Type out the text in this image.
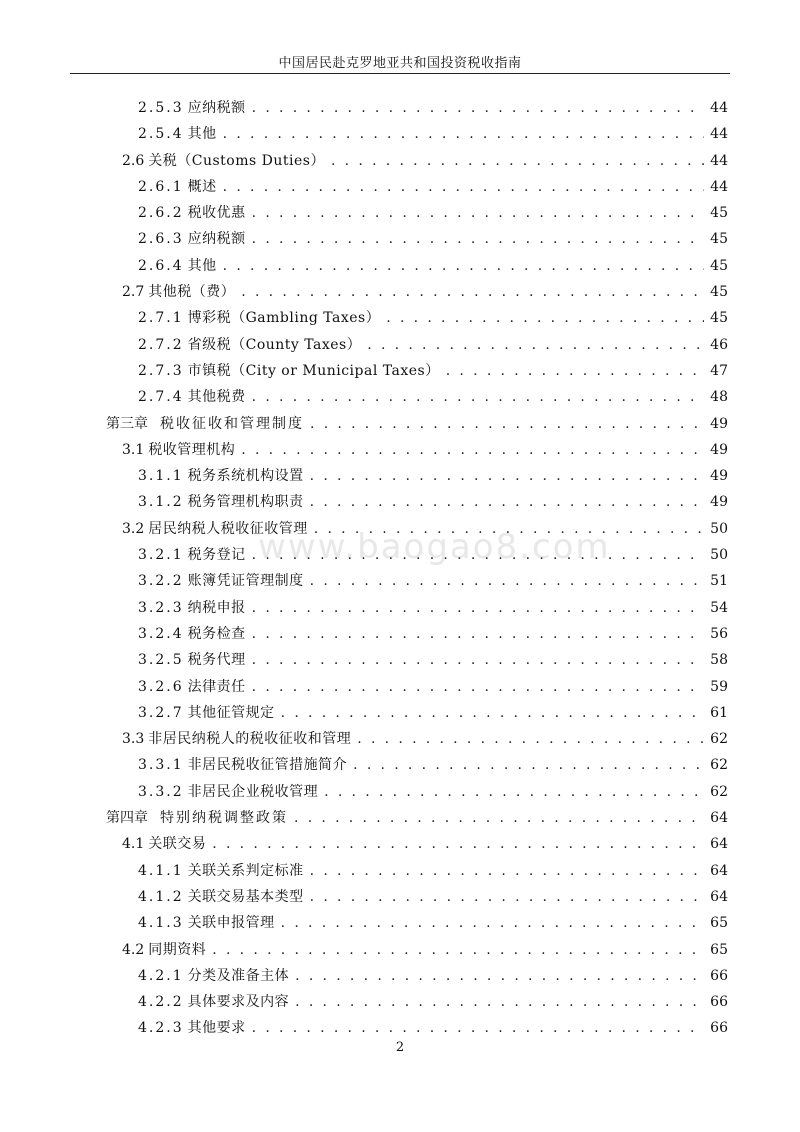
中国居民赴克罗地亚共和国投资税收指南
2.5.3 应纳税额 . . .	44
2.5.4 其他 . . .	44
2.6 关税（Customs Duties） . . .	44
2.6.1 概述 . . .	44
2.6.2 税收优惠 . . .	45
2.6.3 应纳税额 . . .	45
2.6.4 其他 . . .	45
2.7 其他税（费） . . .	45
2.7.1 博彩税（Gambling Taxes） . . .	45
2.7.2 省级税（County Taxes） . . .	46
2.7.3 市镇税（City or Municipal Taxes） . . .	47
2.7.4 其他税费 . . .	48
第三章 税收征收和管理制度 . . .	49
3.1 税收管理机构 . . .	49
3.1.1 税务系统机构设置 . . .	49
3.1.2 税务管理机构职责 . . .	49
3.2 居民纳税人税收征收管理 . . .	50
3.2.1 税务登记 . . .	50
3.2.2 账簿凭证管理制度 . . .	51
3.2.3 纳税申报 . . .	54
3.2.4 税务检查 . . .	56
3.2.5 税务代理 . . .	58
3.2.6 法律责任 . . .	59
3.2.7 其他征管规定 . . .	61
3.3 非居民纳税人的税收征收和管理 . . .	62
3.3.1 非居民税收征管措施简介 . . .	62
3.3.2 非居民企业税收管理 . . .	62
第四章 特别纳税调整政策 . . .	64
4.1 关联交易 . . .	64
4.1.1 关联关系判定标准 . . .	64
4.1.2 关联交易基本类型 . . .	64
4.1.3 关联申报管理 . . .	65
4.2 同期资料 . . .	65
4.2.1 分类及准备主体 . . .	66
4.2.2 具体要求及内容 . . .	66
4.2.3 其他要求 . . .	66
www.baogao8.com
2
